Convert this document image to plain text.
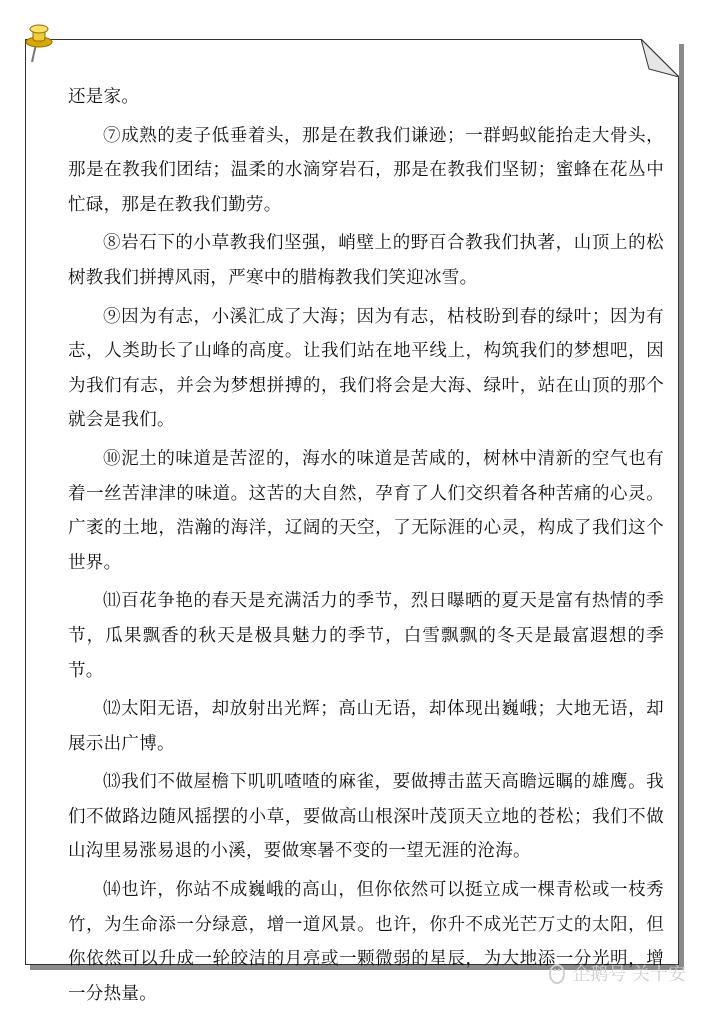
还是家。

⑦成熟的麦子低垂着头，那是在教我们谦逊；一群蚂蚁能抬走大骨头，那是在教我们团结；温柔的水滴穿岩石，那是在教我们坚韧；蜜蜂在花丛中忙碌，那是在教我们勤劳。

⑧岩石下的小草教我们坚强，峭壁上的野百合教我们执著，山顶上的松树教我们拼搏风雨，严寒中的腊梅教我们笑迎冰雪。

⑨因为有志，小溪汇成了大海；因为有志，枯枝盼到春的绿叶；因为有志，人类助长了山峰的高度。让我们站在地平线上，构筑我们的梦想吧，因为我们有志，并会为梦想拼搏的，我们将会是大海、绿叶，站在山顶的那个就会是我们。

⑩泥土的味道是苦涩的，海水的味道是苦咸的，树林中清新的空气也有着一丝苦津津的味道。这苦的大自然，孕育了人们交织着各种苦痛的心灵。广袤的土地，浩瀚的海洋，辽阔的天空，了无际涯的心灵，构成了我们这个世界。

⑾百花争艳的春天是充满活力的季节，烈日曝晒的夏天是富有热情的季节，瓜果飘香的秋天是极具魅力的季节，白雪飘飘的冬天是最富遐想的季节。

⑿太阳无语，却放射出光辉；高山无语，却体现出巍峨；大地无语，却展示出广博。

⒀我们不做屋檐下叽叽喳喳的麻雀，要做搏击蓝天高瞻远瞩的雄鹰。我们不做路边随风摇摆的小草，要做高山根深叶茂顶天立地的苍松；我们不做山沟里易涨易退的小溪，要做寒暑不变的一望无涯的沧海。

⒁也许，你站不成巍峨的高山，但你依然可以挺立成一棵青松或一枝秀竹，为生命添一分绿意，增一道风景。也许，你升不成光芒万丈的太阳，但你依然可以升成一轮皎洁的月亮或一颗微弱的星辰，为大地添一分光明，增一分热量。

企鹅号 关十安
